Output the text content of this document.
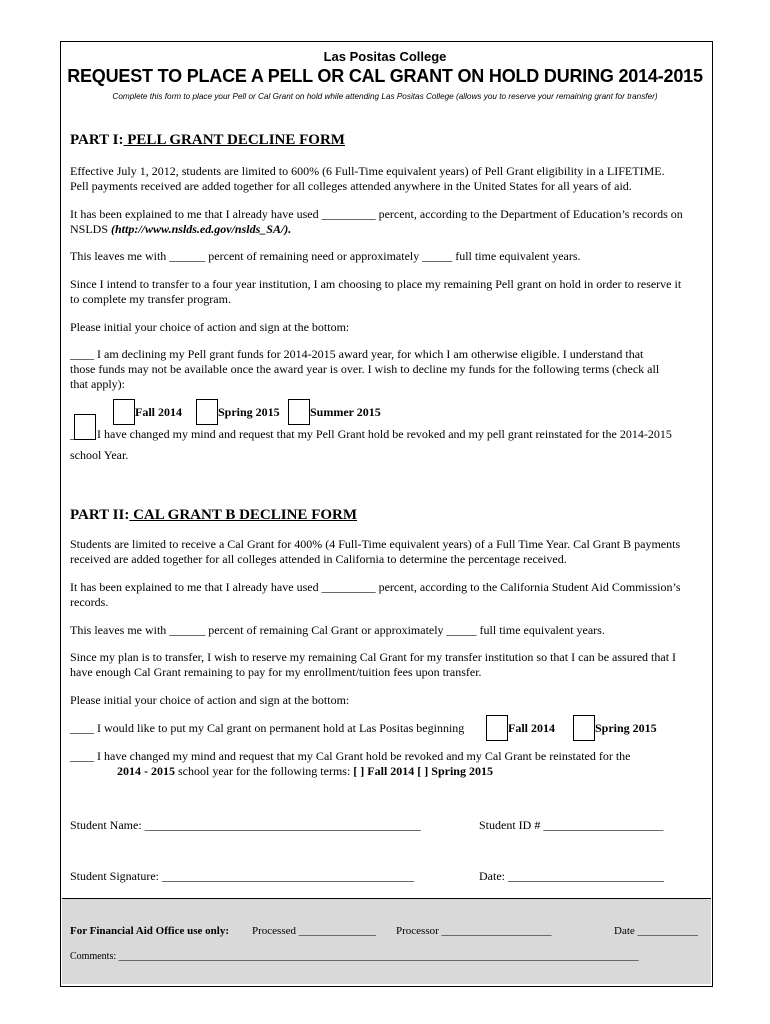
Las Positas College
REQUEST TO PLACE A PELL OR CAL GRANT ON HOLD DURING 2014-2015
Complete this form to place your Pell or Cal Grant on hold while attending Las Positas College (allows you to reserve your remaining grant for transfer)
PART I: PELL GRANT DECLINE FORM
Effective July 1, 2012, students are limited to 600% (6 Full-Time equivalent years) of Pell Grant eligibility in a LIFETIME.
Pell payments received are added together for all colleges attended anywhere in the United States for all years of aid.
It has been explained to me that I already have used _________ percent, according to the Department of Education’s records on
NSLDS (http://www.nslds.ed.gov/nslds_SA/).
This leaves me with ______ percent of remaining need or approximately _____ full time equivalent years.
Since I intend to transfer to a four year institution, I am choosing to place my remaining Pell grant on hold in order to reserve it
to complete my transfer program.
Please initial your choice of action and sign at the bottom:
____ I am declining my Pell grant funds for 2014-2015 award year, for which I am otherwise eligible. I understand that
those funds may not be available once the award year is over. I wish to decline my funds for the following terms (check all
that apply):
Fall 2014	Spring 2015	Summer 2015
____ I have changed my mind and request that my Pell Grant hold be revoked and my pell grant reinstated for the 2014-2015
school Year.
PART II: CAL GRANT B DECLINE FORM
Students are limited to receive a Cal Grant for 400% (4 Full-Time equivalent years) of a Full Time Year. Cal Grant B payments
received are added together for all colleges attended in California to determine the percentage received.
It has been explained to me that I already have used _________ percent, according to the California Student Aid Commission’s
records.
This leaves me with ______ percent of remaining Cal Grant or approximately _____ full time equivalent years.
Since my plan is to transfer, I wish to reserve my remaining Cal Grant for my transfer institution so that I can be assured that I
have enough Cal Grant remaining to pay for my enrollment/tuition fees upon transfer.
Please initial your choice of action and sign at the bottom:
____ I would like to put my Cal grant on permanent hold at Las Positas beginning	Fall 2014	Spring 2015
____ I have changed my mind and request that my Cal Grant hold be revoked and my Cal Grant be reinstated for the
2014 - 2015 school year for the following terms: [ ] Fall 2014 [ ] Spring 2015
Student Name: ______________________________________________	Student ID # ____________________
Student Signature: __________________________________________	Date: __________________________
For Financial Aid Office use only: Processed ______________ Processor ____________________	Date ___________
Comments: ________________________________________________________________________________________________________
